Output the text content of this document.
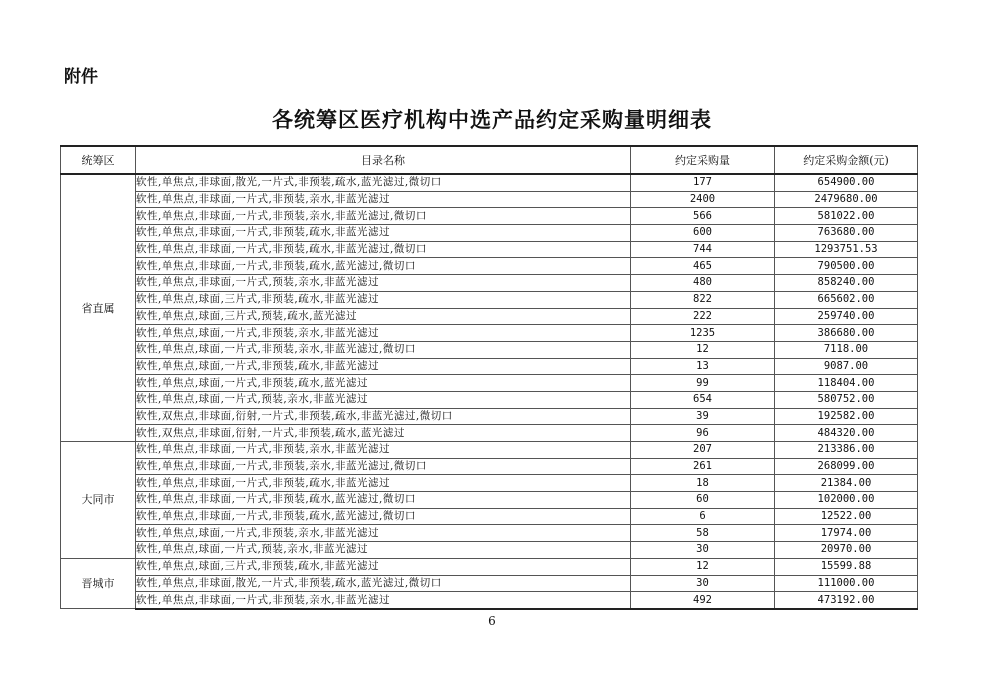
附件
各统筹区医疗机构中选产品约定采购量明细表
统筹区	目录名称	约定采购量	约定采购金额(元)
省直属	软性,单焦点,非球面,散光,一片式,非预装,疏水,蓝光滤过,微切口	177	654900.00
	软性,单焦点,非球面,一片式,非预装,亲水,非蓝光滤过	2400	2479680.00
	软性,单焦点,非球面,一片式,非预装,亲水,非蓝光滤过,微切口	566	581022.00
	软性,单焦点,非球面,一片式,非预装,疏水,非蓝光滤过	600	763680.00
	软性,单焦点,非球面,一片式,非预装,疏水,非蓝光滤过,微切口	744	1293751.53
	软性,单焦点,非球面,一片式,非预装,疏水,蓝光滤过,微切口	465	790500.00
	软性,单焦点,非球面,一片式,预装,亲水,非蓝光滤过	480	858240.00
	软性,单焦点,球面,三片式,非预装,疏水,非蓝光滤过	822	665602.00
	软性,单焦点,球面,三片式,预装,疏水,蓝光滤过	222	259740.00
	软性,单焦点,球面,一片式,非预装,亲水,非蓝光滤过	1235	386680.00
	软性,单焦点,球面,一片式,非预装,亲水,非蓝光滤过,微切口	12	7118.00
	软性,单焦点,球面,一片式,非预装,疏水,非蓝光滤过	13	9087.00
	软性,单焦点,球面,一片式,非预装,疏水,蓝光滤过	99	118404.00
	软性,单焦点,球面,一片式,预装,亲水,非蓝光滤过	654	580752.00
	软性,双焦点,非球面,衍射,一片式,非预装,疏水,非蓝光滤过,微切口	39	192582.00
	软性,双焦点,非球面,衍射,一片式,非预装,疏水,蓝光滤过	96	484320.00
大同市	软性,单焦点,非球面,一片式,非预装,亲水,非蓝光滤过	207	213386.00
	软性,单焦点,非球面,一片式,非预装,亲水,非蓝光滤过,微切口	261	268099.00
	软性,单焦点,非球面,一片式,非预装,疏水,非蓝光滤过	18	21384.00
	软性,单焦点,非球面,一片式,非预装,疏水,蓝光滤过,微切口	60	102000.00
	软性,单焦点,非球面,一片式,非预装,疏水,蓝光滤过,微切口	6	12522.00
	软性,单焦点,球面,一片式,非预装,亲水,非蓝光滤过	58	17974.00
	软性,单焦点,球面,一片式,预装,亲水,非蓝光滤过	30	20970.00
晋城市	软性,单焦点,球面,三片式,非预装,疏水,非蓝光滤过	12	15599.88
	软性,单焦点,非球面,散光,一片式,非预装,疏水,蓝光滤过,微切口	30	111000.00
	软性,单焦点,非球面,一片式,非预装,亲水,非蓝光滤过	492	473192.00
6
